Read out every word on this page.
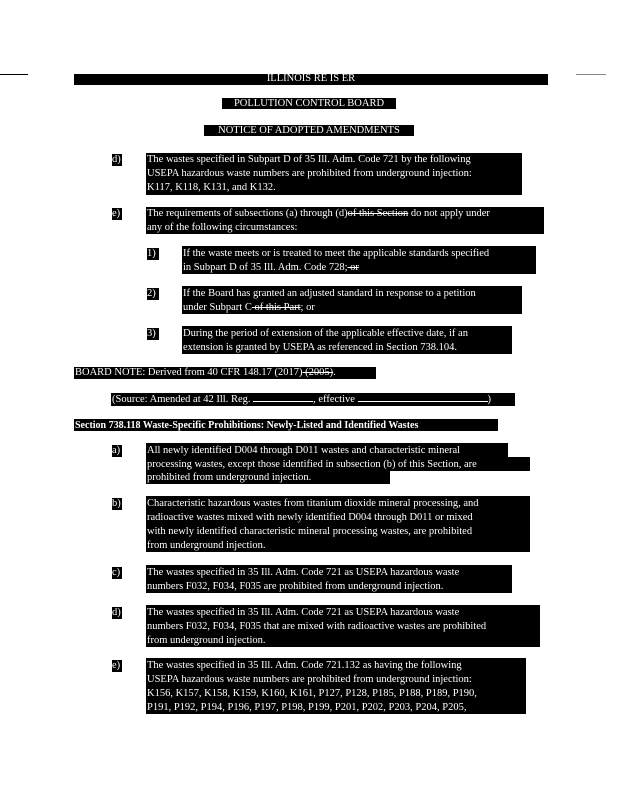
ILLINOIS RE IS ER
POLLUTION CONTROL BOARD
NOTICE OF ADOPTED AMENDMENTS
d)	The wastes specified in Subpart D of 35 Ill. Adm. Code 721 by the following
USEPA hazardous waste numbers are prohibited from underground injection:
K117, K118, K131, and K132.
e)	The requirements of subsections (a) through (d)of this Section do not apply under
any of the following circumstances:
1)	If the waste meets or is treated to meet the applicable standards specified
in Subpart D of 35 Ill. Adm. Code 728; or
2)	If the Board has granted an adjusted standard in response to a petition
under Subpart C of this Part; or
3)	During the period of extension of the applicable effective date, if an
extension is granted by USEPA as referenced in Section 738.104.
BOARD NOTE: Derived from 40 CFR 148.17 (2017) (2005).
(Source: Amended at 42 Ill. Reg.	, effective	)
Section 738.118 Waste-Specific Prohibitions: Newly-Listed and Identified Wastes
a)	All newly identified D004 through D011 wastes and characteristic mineral
processing wastes, except those identified in subsection (b) of this Section, are
prohibited from underground injection.
b)	Characteristic hazardous wastes from titanium dioxide mineral processing, and
radioactive wastes mixed with newly identified D004 through D011 or mixed
with newly identified characteristic mineral processing wastes, are prohibited
from underground injection.
c)	The wastes specified in 35 Ill. Adm. Code 721 as USEPA hazardous waste
numbers F032, F034, F035 are prohibited from underground injection.
d)	The wastes specified in 35 Ill. Adm. Code 721 as USEPA hazardous waste
numbers F032, F034, F035 that are mixed with radioactive wastes are prohibited
from underground injection.
e)	The wastes specified in 35 Ill. Adm. Code 721.132 as having the following
USEPA hazardous waste numbers are prohibited from underground injection:
K156, K157, K158, K159, K160, K161, P127, P128, P185, P188, P189, P190,
P191, P192, P194, P196, P197, P198, P199, P201, P202, P203, P204, P205,
